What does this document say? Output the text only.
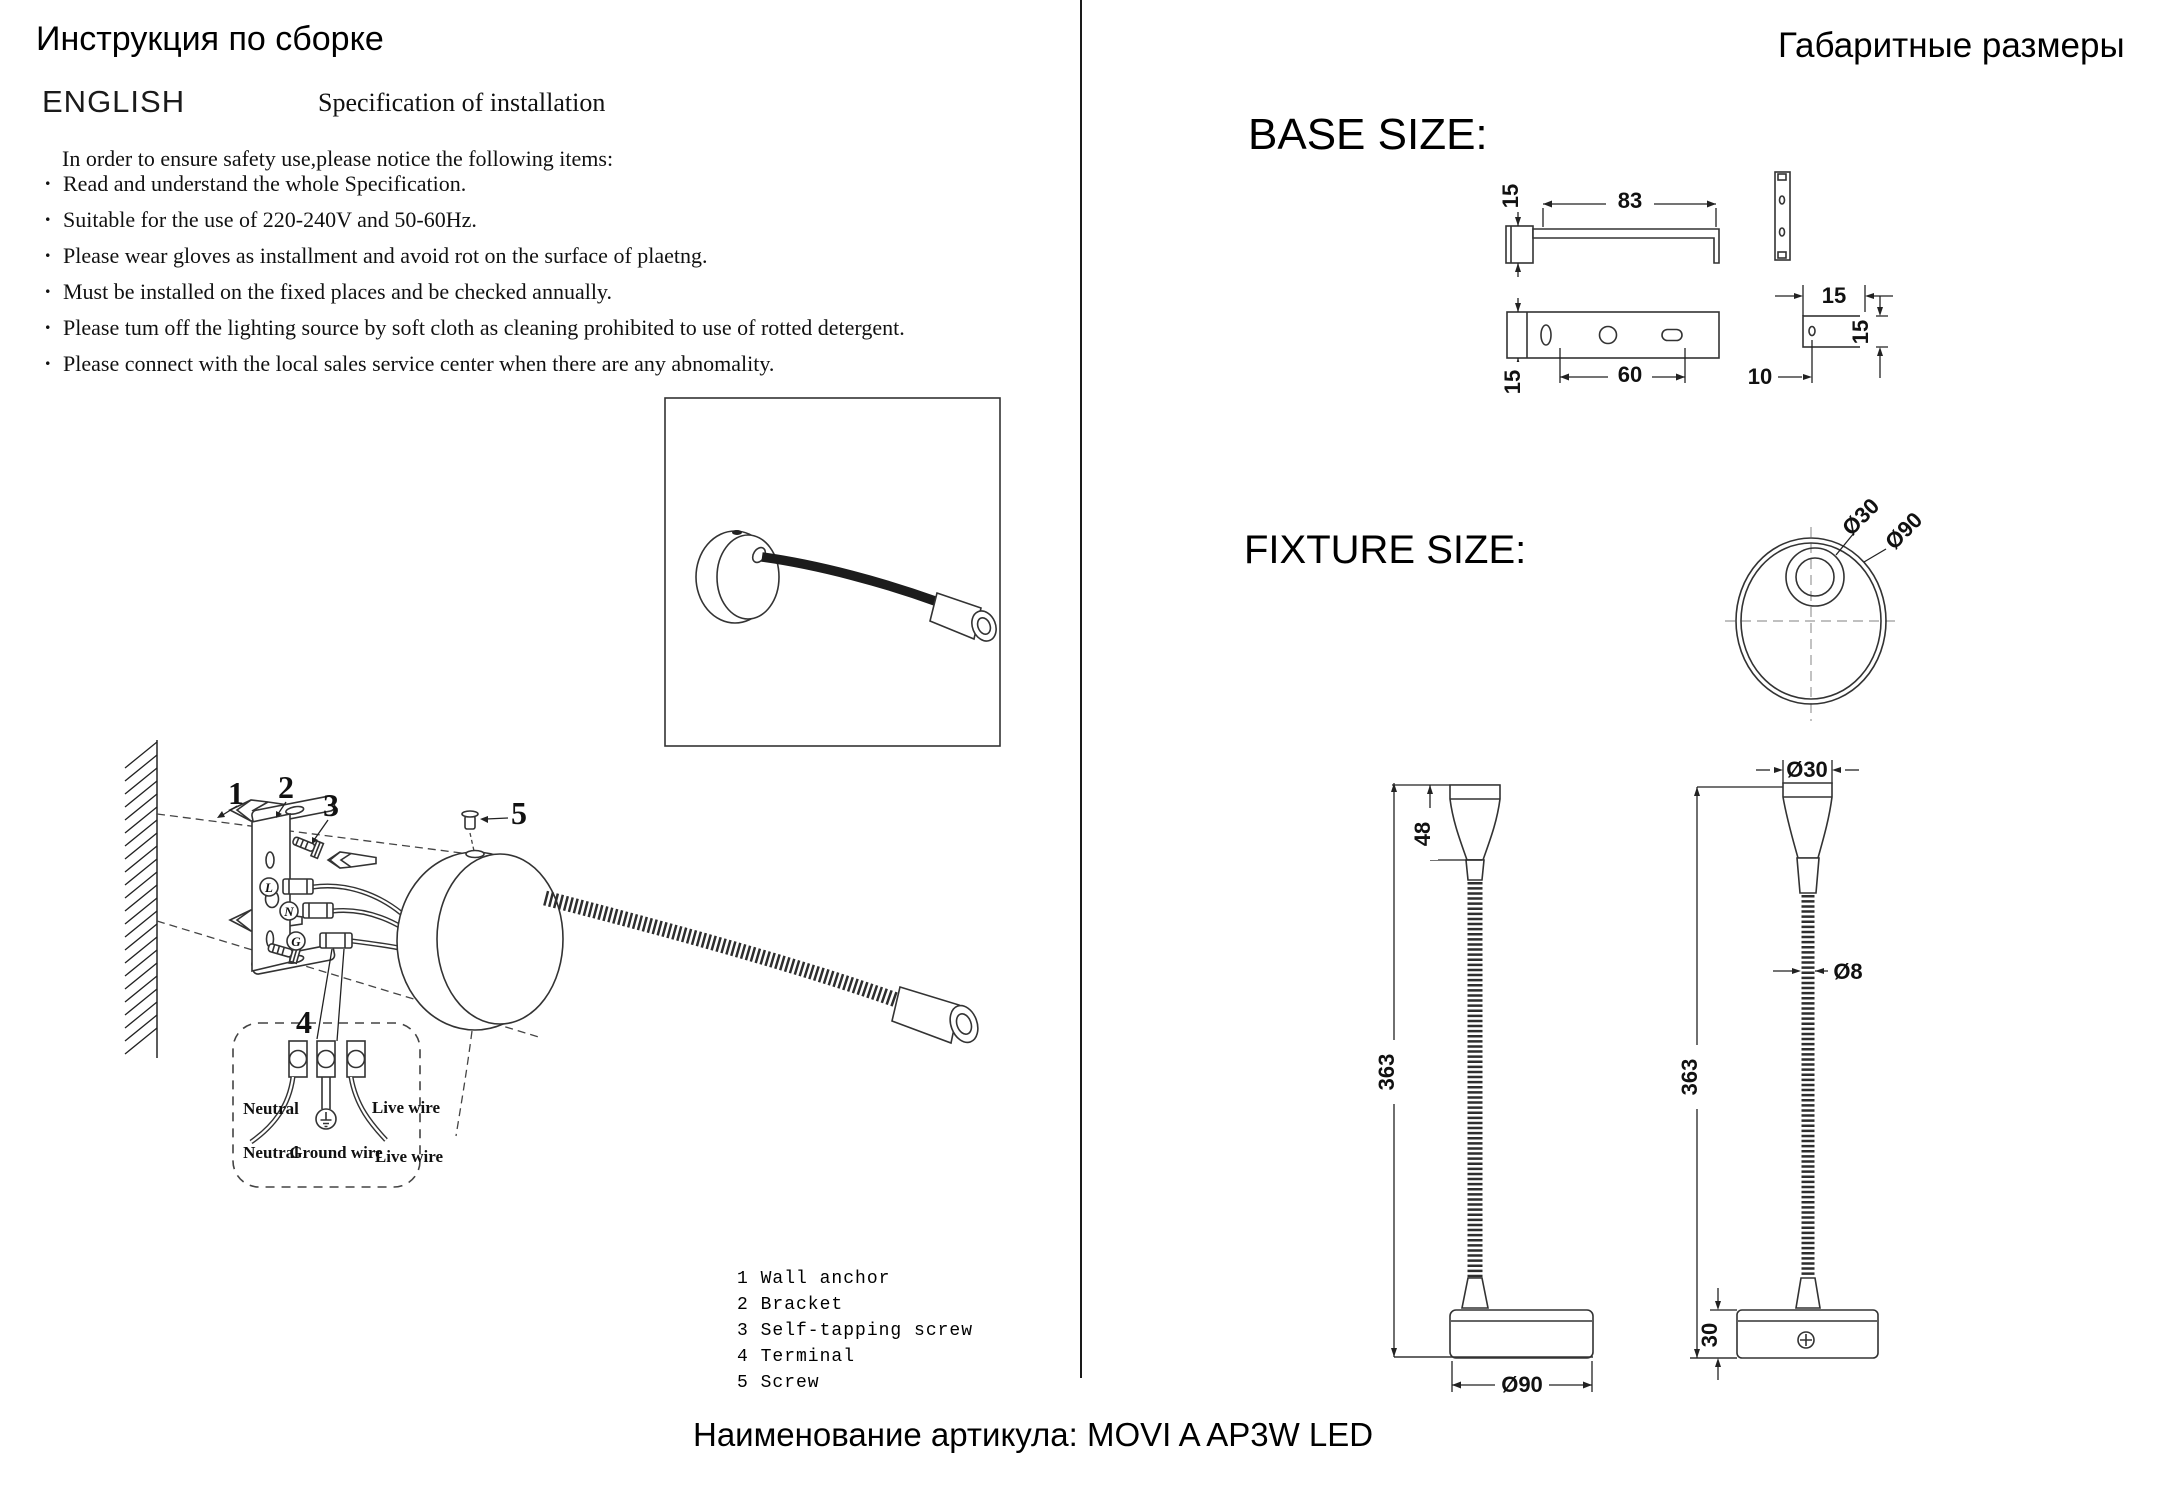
Инструкция по сборке	Габаритные размеры
ENGLISH	Specification of installation
In order to ensure safety use,please notice the following items:
. Read and understand the whole Specification.
. Suitable for the use of 220-240V and 50-60Hz.
. Please wear gloves as installment and avoid rot on the surface of plaetng.
. Must be installed on the fixed places and be checked annually.
. Please tum off the lighting source by soft cloth as cleaning prohibited to use of rotted detergent.
. Please connect with the local sales service center when there are any abnomality.
L
N
G
Neutral	Live wire
Neutral
Ground wire
Live wire
1 2 3	5
4
BASE SIZE:
FIXTURE SIZE:
15	83
15	60
15
15
10
Ø30
Ø90
363
48
Ø90
Ø30
363
Ø8
30
1 Wall anchor
2 Bracket
3 Self-tapping screw
4 Terminal
5 Screw
Наименование артикула: MOVI A AP3W LED
